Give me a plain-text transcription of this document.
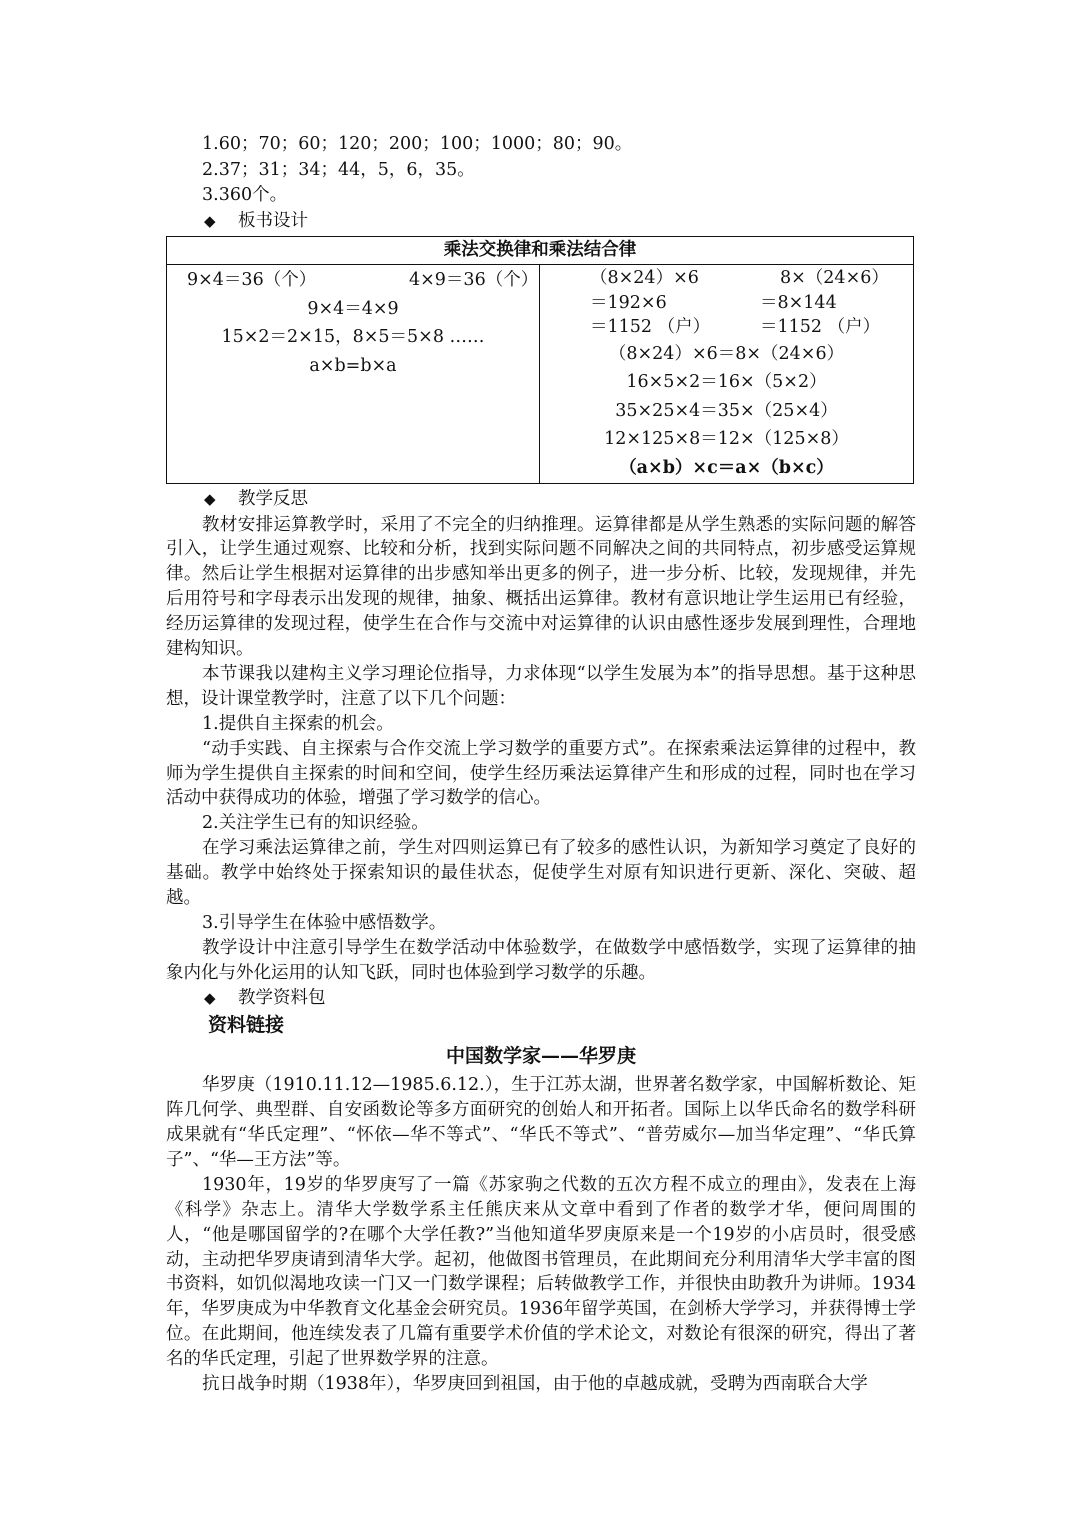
1.60；70；60；120；200；100；1000；80；90。
2.37；31；34；44，5，6，35。
3.360个。
◆ 板书设计
乘法交换律和乘法结合律

9×4＝36（个）	4×9＝36（个）
9×4＝4×9
15×2＝2×15，8×5＝5×8 ……
a×b=b×a

（8×24）×6	8×（24×6）
＝192×6	＝8×144
＝1152 （户）	＝1152 （户）
（8×24）×6＝8×（24×6）
16×5×2＝16×（5×2）
35×25×4＝35×（25×4）
12×125×8＝12×（125×8）
（a×b）×c＝a×（b×c）
◆ 教学反思

教材安排运算教学时，采用了不完全的归纳推理。运算律都是从学生熟悉的实际问题的解答引入，让学生通过观察、比较和分析，找到实际问题不同解决之间的共同特点，初步感受运算规律。然后让学生根据对运算律的出步感知举出更多的例子，进一步分析、比较，发现规律，并先后用符号和字母表示出发现的规律，抽象、概括出运算律。教材有意识地让学生运用已有经验，经历运算律的发现过程，使学生在合作与交流中对运算律的认识由感性逐步发展到理性，合理地建构知识。

本节课我以建构主义学习理论位指导，力求体现“以学生发展为本”的指导思想。基于这种思想，设计课堂教学时，注意了以下几个问题：

1.提供自主探索的机会。

“动手实践、自主探索与合作交流上学习数学的重要方式”。在探索乘法运算律的过程中，教师为学生提供自主探索的时间和空间，使学生经历乘法运算律产生和形成的过程，同时也在学习活动中获得成功的体验，增强了学习数学的信心。

2.关注学生已有的知识经验。

在学习乘法运算律之前，学生对四则运算已有了较多的感性认识，为新知学习奠定了良好的基础。教学中始终处于探索知识的最佳状态，促使学生对原有知识进行更新、深化、突破、超越。

3.引导学生在体验中感悟数学。

教学设计中注意引导学生在数学活动中体验数学，在做数学中感悟数学，实现了运算律的抽象内化与外化运用的认知飞跃，同时也体验到学习数学的乐趣。

◆ 教学资料包
资料链接
中国数学家——华罗庚

华罗庚（1910.11.12—1985.6.12.），生于江苏太湖，世界著名数学家，中国解析数论、矩阵几何学、典型群、自安函数论等多方面研究的创始人和开拓者。国际上以华氏命名的数学科研成果就有“华氏定理”、“怀依—华不等式”、“华氏不等式”、“普劳威尔—加当华定理”、“华氏算子”、“华—王方法”等。

1930年，19岁的华罗庚写了一篇《苏家驹之代数的五次方程不成立的理由》，发表在上海《科学》杂志上。清华大学数学系主任熊庆来从文章中看到了作者的数学才华，便问周围的人，“他是哪国留学的?在哪个大学任教?”当他知道华罗庚原来是一个19岁的小店员时，很受感动，主动把华罗庚请到清华大学。起初，他做图书管理员，在此期间充分利用清华大学丰富的图书资料，如饥似渴地攻读一门又一门数学课程；后转做教学工作，并很快由助教升为讲师。1934年，华罗庚成为中华教育文化基金会研究员。1936年留学英国，在剑桥大学学习，并获得博士学位。在此期间，他连续发表了几篇有重要学术价值的学术论文，对数论有很深的研究，得出了著名的华氏定理，引起了世界数学界的注意。

抗日战争时期（1938年），华罗庚回到祖国，由于他的卓越成就，受聘为西南联合大学
